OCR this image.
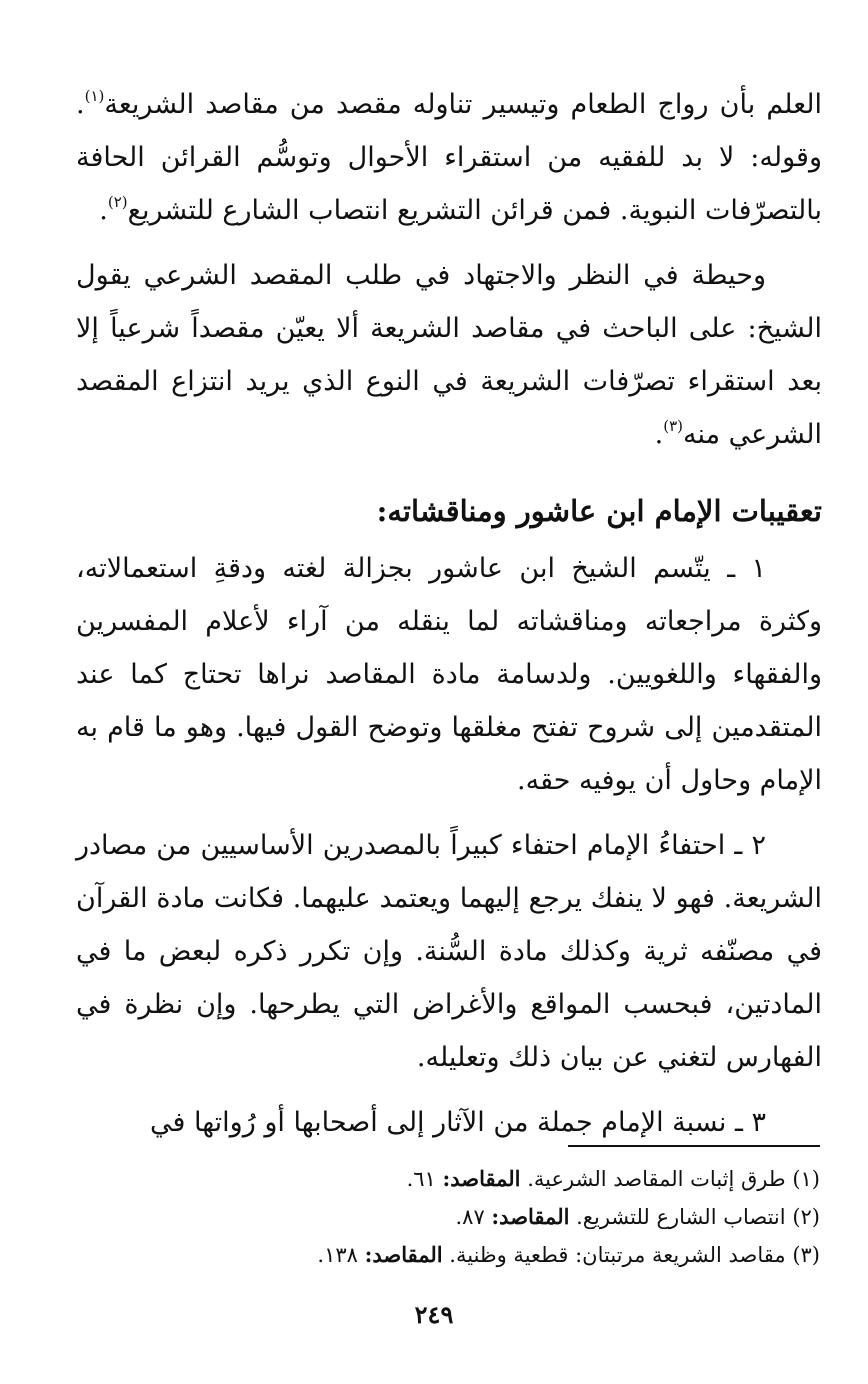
العلم بأن رواج الطعام وتيسير تناوله مقصد من مقاصد الشريعة$^{(١)}$. وقوله: لا بد للفقيه من استقراء الأحوال وتوسُّم القرائن الحافة بالتصرّفات النبوية. فمن قرائن التشريع انتصاب الشارع للتشريع$^{(٢)}$.

وحيطة في النظر والاجتهاد في طلب المقصد الشرعي يقول الشيخ: على الباحث في مقاصد الشريعة ألا يعيّن مقصداً شرعياً إلا بعد استقراء تصرّفات الشريعة في النوع الذي يريد انتزاع المقصد الشرعي منه$^{(٣)}$.

تعقيبات الإمام ابن عاشور ومناقشاته:

١ ـ يتّسم الشيخ ابن عاشور بجزالة لغته ودقةِ استعمالاته، وكثرة مراجعاته ومناقشاته لما ينقله من آراء لأعلام المفسرين والفقهاء واللغويين. ولدسامة مادة المقاصد نراها تحتاج كما عند المتقدمين إلى شروح تفتح مغلقها وتوضح القول فيها. وهو ما قام به الإمام وحاول أن يوفيه حقه.

٢ ـ احتفاءُ الإمام احتفاء كبيراً بالمصدرين الأساسيين من مصادر الشريعة. فهو لا ينفك يرجع إليهما ويعتمد عليهما. فكانت مادة القرآن في مصنّفه ثرية وكذلك مادة السُّنة. وإن تكرر ذكره لبعض ما في المادتين، فبحسب المواقع والأغراض التي يطرحها. وإن نظرة في الفهارس لتغني عن بيان ذلك وتعليله.

٣ ـ نسبة الإمام جملة من الآثار إلى أصحابها أو رُواتها في

(١) طرق إثبات المقاصد الشرعية. المقاصد: ٦١.

(٢) انتصاب الشارع للتشريع. المقاصد: ٨٧.

(٣) مقاصد الشريعة مرتبتان: قطعية وظنية. المقاصد: ١٣٨.

٢٤٩
